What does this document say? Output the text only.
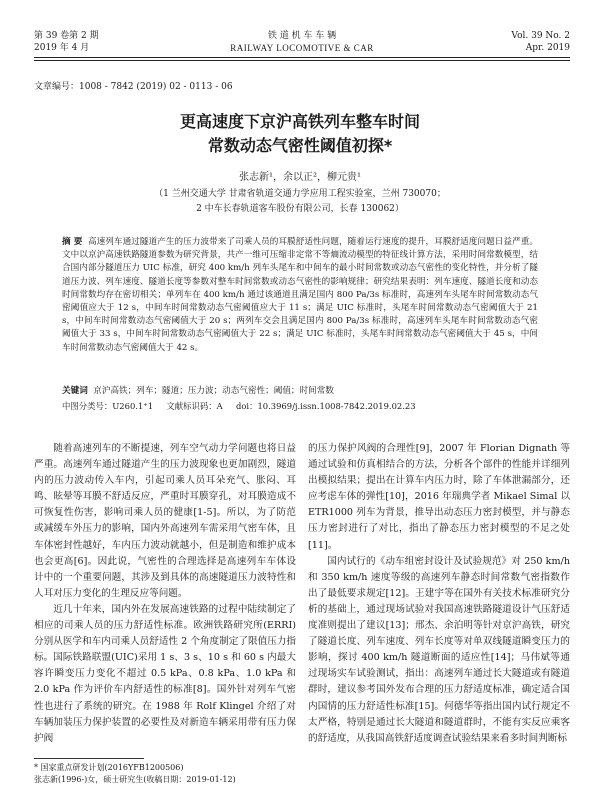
第 39 卷第 2 期
2019 年 4 月
铁 道 机 车 车 辆
RAILWAY LOCOMOTIVE & CAR
Vol. 39 No. 2
Apr. 2019
文章编号：1008 - 7842 (2019) 02 - 0113 - 06
更高速度下京沪高铁列车整车时间
常数动态气密性阈值初探*
张志新¹，余以正²，柳元贵¹
（1 兰州交通大学 甘肃省轨道交通力学应用工程实验室，兰州 730070；
2 中车长春轨道客车股份有限公司，长春 130062）
摘 要 高速列车通过隧道产生的压力波带来了司乘人员的耳膜舒适性问题，随着运行速度的提升，耳膜舒适度问题日益严重。文中以京沪高速铁路隧道参数为研究背景，共产一维可压缩非定常不等熵流动模型的特征线计算方法，采用时间常数模型，结合国内部分隧道压力 UIC 标准，研究 400 km/h 列车头尾车和中间车的最小时间常数或动态气密性的变化特性，并分析了隧道压力波、列车速度、隧道长度等参数对整车时间常数或动态气密性的影响规律；研究结果表明：列车速度、隧道长度和动态时间常数均存在密切相关；单列车在 400 km/h 通过该通道且满足国内 800 Pa/3s 标准时，高速列车头尾车时间常数动态气密阈值应大于 12 s，中间车时间常数动态气密阈值应大于 11 s；满足 UIC 标准时，头尾车时间常数动态气密阈值大于 21 s，中间车时间常数动态气密阈值大于 20 s；两列车交会且满足国内 800 Pa/3s 标准时，高速列车头尾车时间常数动态气密阈值大于 33 s，中间车时间常数动态气密阈值大于 22 s；满足 UIC 标准时，头尾车时间常数动态气密阈值大于 45 s，中间车时间常数动态气密阈值大于 42 s。
关键词 京沪高铁；列车；隧道；压力波；动态气密性；阈值；时间常数
中图分类号：U260.1⁺1 文献标识码：A doi：10.3969/j.issn.1008-7842.2019.02.23

随着高速列车的不断提速，列车空气动力学问题也将日益严重。高速列车通过隧道产生的压力波现象也更加剧烈，隧道内的压力波动传入车内，引起司乘人员耳朵充气、胀闷、耳鸣、眩晕等耳膜不舒适反应，严重时耳膜穿孔，对耳膜造成不可恢复性伤害，影响司乘人员的健康[1-5]。所以，为了防范或减缓车外压力的影响，国内外高速列车需采用气密车体，且车体密封性越好，车内压力波动就越小，但是制造和维护成本也会更高[6]。因此说，气密性的合理选择是高速列车车体设计中的一个重要问题，其涉及到具体的高速隧道压力波特性和人耳对压力变化的生理反应等问题。

近几十年来，国内外在发展高速铁路的过程中陆续制定了相应的司乘人员的压力舒适性标准。欧洲铁路研究所(ERRI)分别从医学和车内司乘人员舒适性 2 个角度制定了限值压力指标。国际铁路联盟(UIC)采用 1 s、3 s、10 s 和 60 s 内最大容许瞬变压力变化不超过 0.5 kPa、0.8 kPa、1.0 kPa 和 2.0 kPa 作为评价车内舒适性的标准[8]。国外针对列车气密性也进行了系统的研究。在 1988 年 Rolf Klingel 介绍了对车辆加装压力保护装置的必要性及对新造车辆采用带有压力保护阀

的压力保护风阀的合理性[9]，2007 年 Florian Dignath 等通过试验和仿真相结合的方法，分析各个部件的性能并详细列出模拟结果；提出在计算车内压力时，除了车体泄漏部分，还应考虑车体的弹性[10]，2016 年瑞典学者 Mikael Simal 以 ETR1000 列车为背景，推导出动态压力密封模型，并与静态压力密封进行了对比，指出了静态压力密封模型的不足之处[11]。

国内试行的《动车组密封设计及试验规范》对 250 km/h 和 350 km/h 速度等级的高速列车静态时间常数气密指数作出了最低要求规定[12]。王建宇等在国外有关技术标准研究分析的基础上，通过现场试验对我国高速铁路隧道设计气压舒适度准则提出了建议[13]；邢杰、余泊明等针对京沪高铁，研究了隧道长度、列车速度、列车长度等对单双线隧道瞬变压力的影响，探讨 400 km/h 隧道断面的适应性[14]；马伟斌等通过现场实车试验测试，指出：高速列车通过长大隧道或有隧道群时，建议参考国外发布合理的压力舒适度标准，确定适合国内国情的压力舒适性标准[15]。何德华等指出国内试行规定不太严格，特别是通过长大隧道和隧道群时，不能有实反应乘客的舒适度，从我国高铁舒适度调查试验结果来看多时间判断标

* 国家重点研发计划(2016YFB1200506)
张志新(1996-)女，硕士研究生(收稿日期：2019-01-12)
